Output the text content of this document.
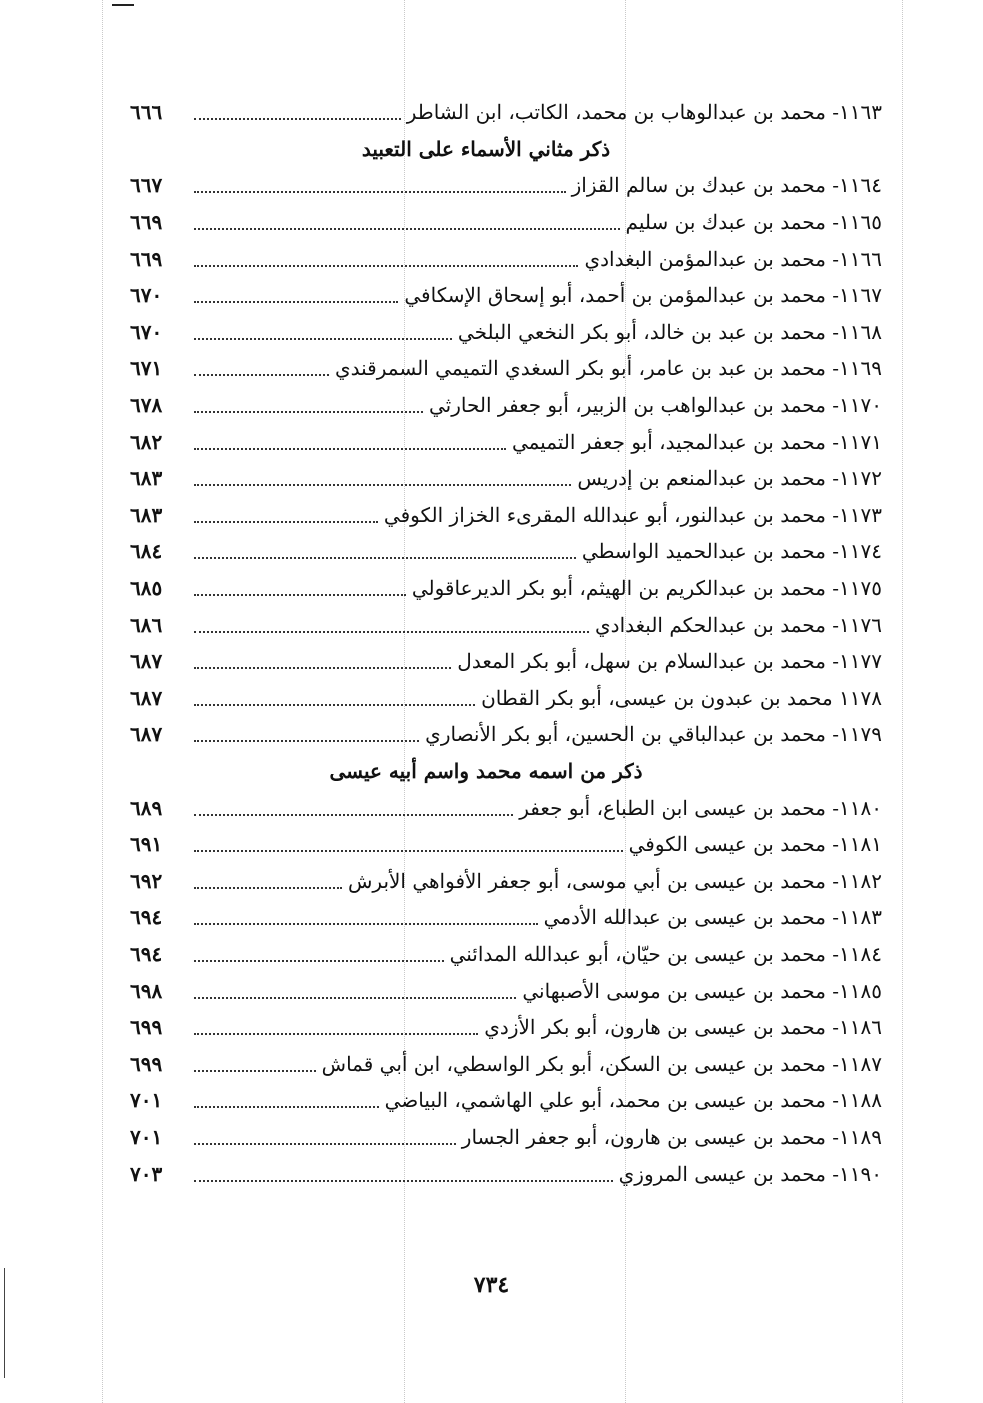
١١٦٣- محمد بن عبدالوهاب بن محمد، الكاتب، ابن الشاطر
٦٦٦
ذكر مثاني الأسماء على التعبيد
١١٦٤- محمد بن عبدك بن سالم القزاز
٦٦٧
١١٦٥- محمد بن عبدك بن سليم
٦٦٩
١١٦٦- محمد بن عبدالمؤمن البغدادي
٦٦٩
١١٦٧- محمد بن عبدالمؤمن بن أحمد، أبو إسحاق الإسكافي
٦٧٠
١١٦٨- محمد بن عبد بن خالد، أبو بكر النخعي البلخي
٦٧٠
١١٦٩- محمد بن عبد بن عامر، أبو بكر السغدي التميمي السمرقندي
٦٧١
١١٧٠- محمد بن عبدالواهب بن الزبير، أبو جعفر الحارثي
٦٧٨
١١٧١- محمد بن عبدالمجيد، أبو جعفر التميمي
٦٨٢
١١٧٢- محمد بن عبدالمنعم بن إدريس
٦٨٣
١١٧٣- محمد بن عبدالنور، أبو عبدالله المقرىء الخزاز الكوفي
٦٨٣
١١٧٤- محمد بن عبدالحميد الواسطي
٦٨٤
١١٧٥- محمد بن عبدالكريم بن الهيثم، أبو بكر الديرعاقولي
٦٨٥
١١٧٦- محمد بن عبدالحكم البغدادي
٦٨٦
١١٧٧- محمد بن عبدالسلام بن سهل، أبو بكر المعدل
٦٨٧
١١٧٨ محمد بن عبدون بن عيسى، أبو بكر القطان
٦٨٧
١١٧٩- محمد بن عبدالباقي بن الحسين، أبو بكر الأنصاري
٦٨٧
ذكر من اسمه محمد واسم أبيه عيسى
١١٨٠- محمد بن عيسى ابن الطباع، أبو جعفر
٦٨٩
١١٨١- محمد بن عيسى الكوفي
٦٩١
١١٨٢- محمد بن عيسى بن أبي موسى، أبو جعفر الأفواهي الأبرش
٦٩٢
١١٨٣- محمد بن عيسى بن عبدالله الأدمي
٦٩٤
١١٨٤- محمد بن عيسى بن حيّان، أبو عبدالله المدائني
٦٩٤
١١٨٥- محمد بن عيسى بن موسى الأصبهاني
٦٩٨
١١٨٦- محمد بن عيسى بن هارون، أبو بكر الأزدي
٦٩٩
١١٨٧- محمد بن عيسى بن السكن، أبو بكر الواسطي، ابن أبي قماش
٦٩٩
١١٨٨- محمد بن عيسى بن محمد، أبو علي الهاشمي، البياضي
٧٠١
١١٨٩- محمد بن عيسى بن هارون، أبو جعفر الجسار
٧٠١
١١٩٠- محمد بن عيسى المروزي
٧٠٣
٧٣٤
